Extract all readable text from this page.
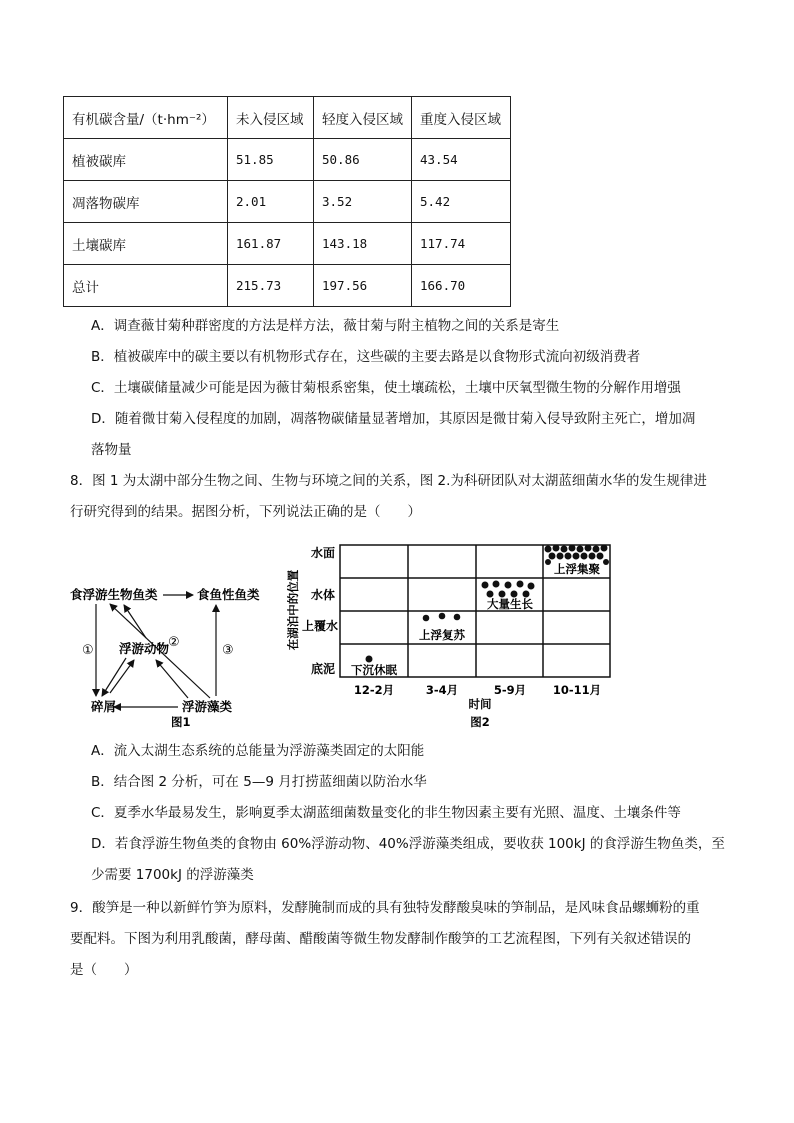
有机碳含量/（t·hm⁻²）	未入侵区域	轻度入侵区域	重度入侵区域
植被碳库	51.85	50.86	43.54
凋落物碳库	2.01	3.52	5.42
土壤碳库	161.87	143.18	117.74
总计	215.73	197.56	166.70
A．调查薇甘菊种群密度的方法是样方法，薇甘菊与附主植物之间的关系是寄生
B．植被碳库中的碳主要以有机物形式存在，这些碳的主要去路是以食物形式流向初级消费者
C．土壤碳储量减少可能是因为薇甘菊根系密集，使土壤疏松，土壤中厌氧型微生物的分解作用增强
D．随着微甘菊入侵程度的加剧，凋落物碳储量显著增加，其原因是微甘菊入侵导致附主死亡，增加凋
落物量
8．图 1 为太湖中部分生物之间、生物与环境之间的关系，图 2.为科研团队对太湖蓝细菌水华的发生规律进
行研究得到的结果。据图分析，下列说法正确的是（　　）
食浮游生物鱼类	食鱼性鱼类
浮游动物
碎屑	浮游藻类
①
②
③
图1
水面
水体
上覆水
底泥
在湖泊中的位置
12-2月	3-4月	5-9月 10-11月
时间
图2
下沉休眠
上浮复苏
大量生长
上浮集聚
A．流入太湖生态系统的总能量为浮游藻类固定的太阳能
B．结合图 2 分析，可在 5—9 月打捞蓝细菌以防治水华
C．夏季水华最易发生，影响夏季太湖蓝细菌数量变化的非生物因素主要有光照、温度、土壤条件等
D．若食浮游生物鱼类的食物由 60%浮游动物、40%浮游藻类组成，要收获 100kJ 的食浮游生物鱼类，至
少需要 1700kJ 的浮游藻类
9．酸笋是一种以新鲜竹笋为原料，发酵腌制而成的具有独特发酵酸臭味的笋制品，是风味食品螺蛳粉的重
要配料。下图为利用乳酸菌，酵母菌、醋酸菌等微生物发酵制作酸笋的工艺流程图，下列有关叙述错误的
是（　　）
